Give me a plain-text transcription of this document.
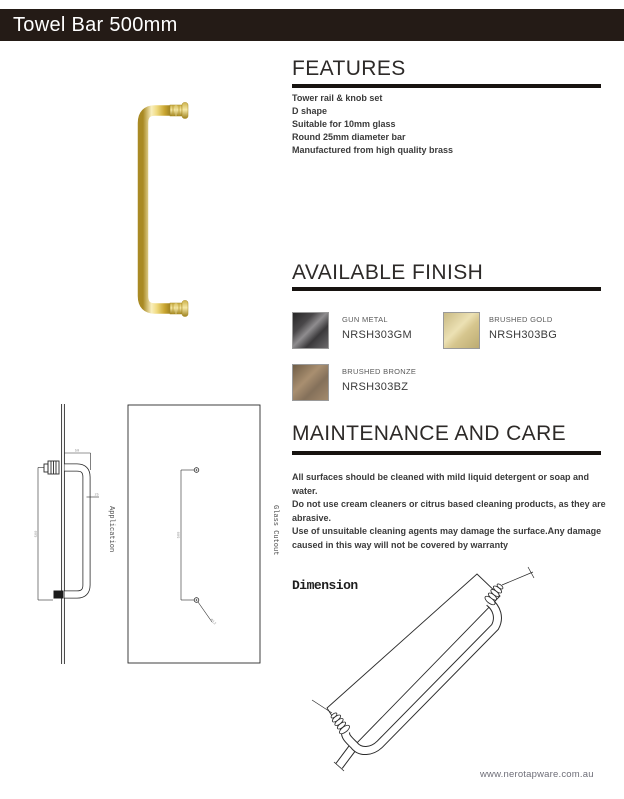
Towel Bar 500mm
FEATURES
Tower rail & knob set
D shape
Suitable for 10mm glass
Round 25mm diameter bar
Manufactured from high quality brass
AVAILABLE FINISH
GUN METAL
NRSH303GM
BRUSHED GOLD
NRSH303BG
BRUSHED BRONZE
NRSH303BZ
MAINTENANCE AND CARE
All surfaces should be cleaned with mild liquid detergent or soap and water.
Do not use cream cleaners or citrus based cleaning products, as they are abrasive.
Use of unsuitable cleaning agents may damage the surface.Any damage caused in this way will not be covered by warranty
Dimension
50
25
500	500
Ø12
Application	Glass Cutout
www.nerotapware.com.au
